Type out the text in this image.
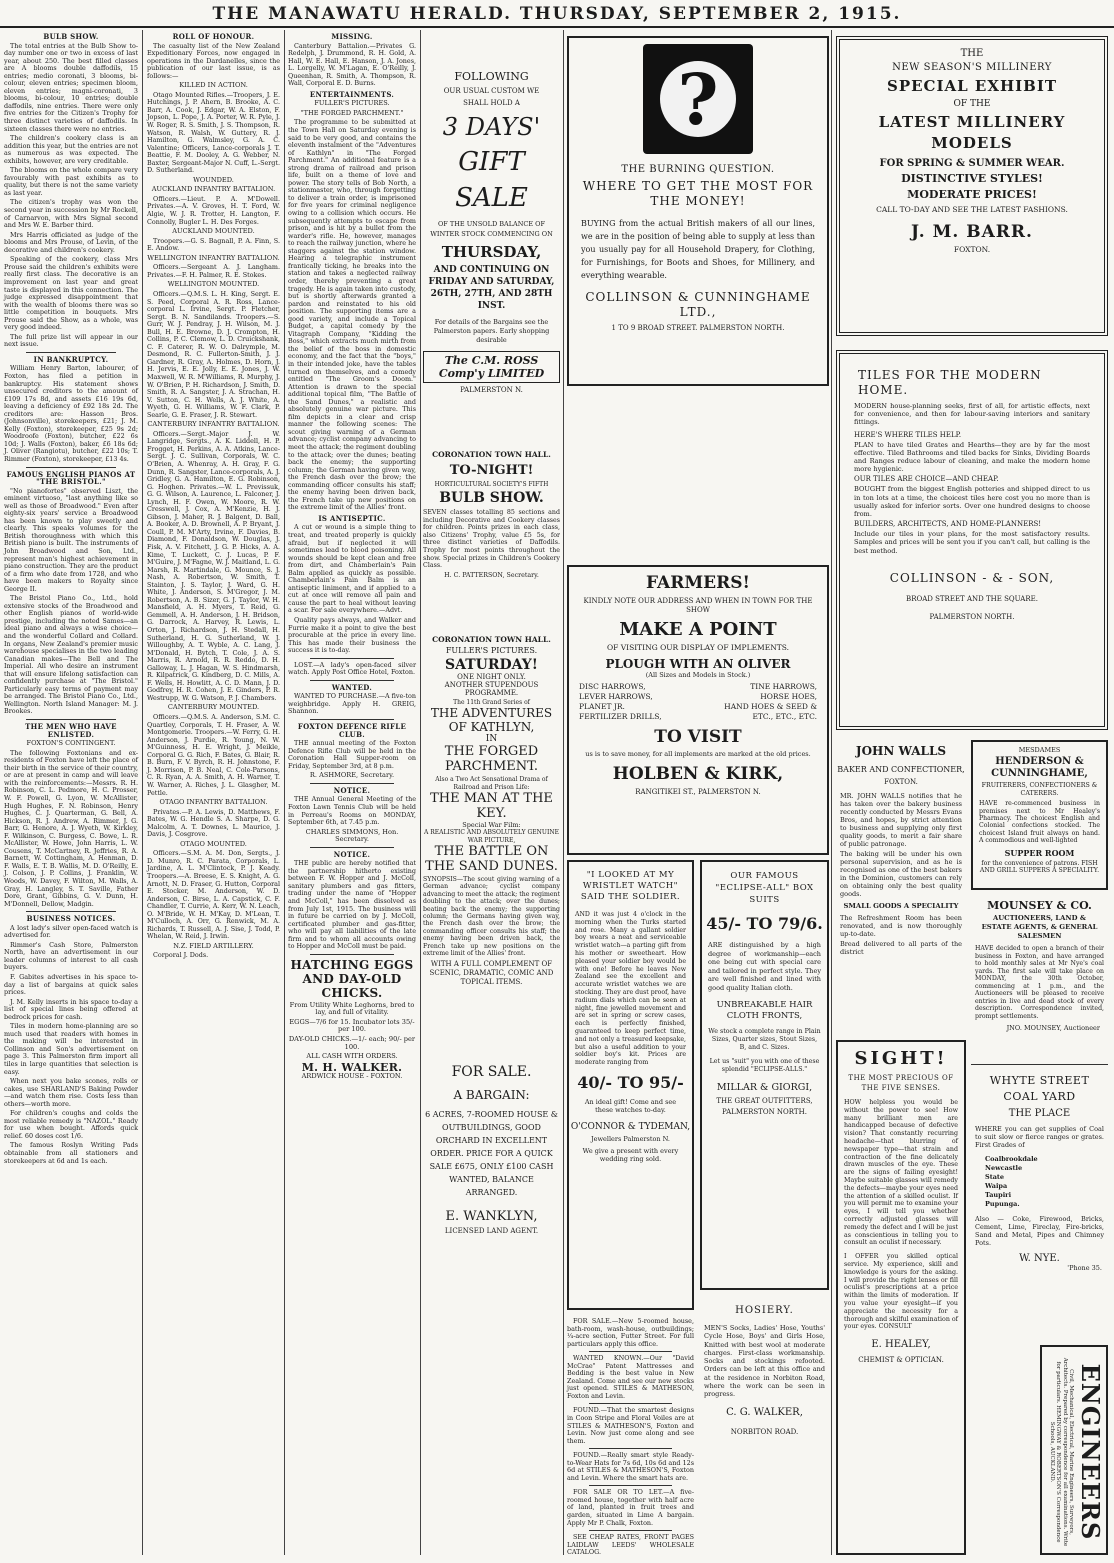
THE MANAWATU HERALD. THURSDAY, SEPTEMBER 2, 1915.
BULB SHOW.

The total entries at the Bulb Show to-day number one or two in excess of last year, about 250. The best filled classes are A blooms double daffodils, 15 entries; medio coronati, 3 blooms, bi-colour, eleven entries; specimen bloom, eleven entries; magni-coronati, 3 blooms, bi-colour, 10 entries; double daffodils, nine entries. There were only five entries for the Citizen's Trophy for three distinct varieties of daffodils. In sixteen classes there were no entries.

The children's cookery class is an addition this year, but the entries are not as numerous as was expected. The exhibits, however, are very creditable.

The blooms on the whole compare very favourably with past exhibits as to quality, but there is not the same variety as last year.

The citizen's trophy was won the second year in succession by Mr Rockell, of Carnarvon, with Mrs Signal second and Mrs W. E. Barber third.

Mrs Harris officiated as judge of the blooms and Mrs Prouse, of Levin, of the decorative and children's cookery.

Speaking of the cookery, class Mrs Prouse said the children's exhibits were really first class. The decorative is an improvement on last year and great taste is displayed in this connection. The judge expressed disappointment that with the wealth of blooms there was so little competition in bouquets. Mrs Prouse said the Show, as a whole, was very good indeed.

The full prize list will appear in our next issue.

IN BANKRUPTCY.

William Henry Barton, labourer, of Foxton, has filed a petition in bankruptcy. His statement shows unsecured creditors to the amount of £109 17s 8d, and assets £16 19s 6d, leaving a deficiency of £92 18s 2d. The creditors are: Hasson Bros. (Johnsonville), storekeepers, £21; J. M. Kelly (Foxton), storekeeper, £25 9s 2d; Woodroofe (Foxton), butcher, £22 6s 10d; J. Walls (Foxton), baker, £6 18s 6d; J. Oliver (Rangiotu), butcher, £22 10s; T. Rimmer (Foxton), storekeeper, £13 4s.

FAMOUS ENGLISH PIANOS AT "THE BRISTOL."

"No pianofortes" observed Liszt, the eminent virtuoso, "last anything like so well as those of Broadwood." Even after eighty-six years' service a Broadwood has been known to play sweetly and clearly. This speaks volumes for the British thoroughness with which this British piano is built. The instruments of John Broadwood and Son, Ltd., represent man's highest achievement in piano construction. They are the product of a firm who date from 1728, and who have been makers to Royalty since George II.

The Bristol Piano Co., Ltd., hold extensive stocks of the Broadwood and other English pianos of world-wide prestige, including the noted Sames—an ideal piano and always a wise choice—and the wonderful Collard and Collard. In organs, New Zealand's premier music warehouse specialises in the two leading Canadian makes—The Bell and The Imperial. All who desire an instrument that will ensure lifelong satisfaction can confidently purchase at "The Bristol." Particularly easy terms of payment may be arranged. The Bristol Piano Co., Ltd., Wellington. North Island Manager: M. J. Brookes.

THE MEN WHO HAVE ENLISTED.
FOXTON'S CONTINGENT.

The following Foxtonians and ex-residents of Foxton have left the place of their birth in the service of their country, or are at present in camp and will leave with the reinforcements:—Messrs. R. H. Robinson, C. L. Pedmore, H. C. Prosser, W. F. Powell, G. Lyon, W. McAllister, Hugh Hughes, F. N. Robinson, Henry Hughes, C. J. Quarterman, G. Bell, A. Hickson, R. J. Andrew, A. Rimmer, J. G. Barr, G. Henore, A. J. Wyeth, W. Kirkley, F. Wilkinson, C. Burgess, C. Bowe, L. R. McAllister, W. Howe, John Harris, L. W. Cousens, T. McCartney, R. Jeffries, R. A. Barnett, W. Cottingham, A. Henman, D. F. Walls, E. T. B. Wallis, M. D. O'Reilly, E. J. Colson, J. P. Collins, J. Franklin, W. Woods, W. Davey, F. Wilton, M. Walls, A. Gray, H. Langley, S. T. Saville, Father Dore, Grant, Gibbins, G. V. Dunn, H. M'Donnell, Dellow, Madgin.

BUSINESS NOTICES.

A lost lady's silver open-faced watch is advertised for.

Rimmer's Cash Store, Palmerston North, have an advertisement in our leader columns of interest to all cash buyers.

F. Gabites advertises in his space to-day a list of bargains at quick sales prices.

J. M. Kelly inserts in his space to-day a list of special lines being offered at bedrock prices for cash.

Tiles in modern home-planning are so much used that readers with homes in the making will be interested in Collinson and Son's advertisement on page 3. This Palmerston firm import all tiles in large quantities that selection is easy.

When next you bake scones, rolls or cakes, use SHARLAND'S Baking Powder—and watch them rise. Costs less than others—worth more.

For children's coughs and colds the most reliable remedy is "NAZOL." Ready for use when bought. Affords quick relief. 60 doses cost 1/6.

The famous Roslyn Writing Pads obtainable from all stationers and storekeepers at 6d and 1s each.

ROLL OF HONOUR.

The casualty list of the New Zealand Expeditionary Forces, now engaged in operations in the Dardanelles, since the publication of our last issue, is as follows:—

KILLED IN ACTION.

Otago Mounted Rifles.—Troopers, J. E. Hutchings, J. P. Ahern, B. Brooke, A. C. Barr, A. Cook, J. Edgar, W. A. Elston, F. Jopson, L. Pope, J. A. Porter, W. R. Pyle, J. W. Roger, R. S. Smith, J. S. Thompson, R. Watson, R. Walsh, W. Guttery, R. J. Hamilton, G. Walmsley, G. A. C. Valentine; Officers, Lance-corporals J. T. Beattie, F. M. Dooley, A. G. Webber, N. Baxter, Sergeant-Major N. Cuff, L.-Sergt. D. Sutherland.

WOUNDED.
AUCKLAND INFANTRY BATTALION.

Officers.—Lieut. P. A. M'Dowell. Privates.—A. V. Groves, H. T. Ford, W. Algie, W. J. R. Trotter, H. Langton, F. Connolly, Bugler L. H. Des Forges.

AUCKLAND MOUNTED.

Troopers.—G. S. Bagnall, P. A. Finn, S. E. Andow.

WELLINGTON INFANTRY BATTALION.

Officers.—Sergeant A. J. Langham. Privates.—F. H. Palmer, R. E. Stokes.

WELLINGTON MOUNTED.

Officers.—Q.M.S. L. H. King, Sergt. E. S. Peed, Corporal A. R. Ross, Lance-corporal L. Irvine, Sergt. P. Fletcher, Sergt. B. N. Sandilands. Troopers.—S. Gurr, W. J. Pendray, J. H. Wilson, M. J. Bull, H. E. Browne, D. J. Crompton, H. Collins, P. C. Clemow, L. D. Cruickshank, C. F. Caterer, R. W. O. Dalrymple, M. Desmond, R. C. Fullerton-Smith, J. J. Gardner, R. Gray, A. Holmes, D. Horn, J. H. Jervis, E. E. Jolly, E. E. Jones, J. W. Maxwell, W. R. M'Williams, R. Murphy, J. W. O'Brien, P. H. Richardson, J. Smith, D. Smith, R. A. Sangster, J. A. Strachan, H. V. Sutton, C. H. Wells, A. J. White, A. Wyeth, G. H. Williams, W. F. Clark, P. Searle, G. E. Fraser, J. R. Stewart.

CANTERBURY INFANTRY BATTALION.

Officers.—Sergt.-Major J. W. Langridge, Sergts., A. K. Liddell, H. P. Frogget, H. Perkins, A. A. Atkins, Lance-Sergt. J. C. Sullivan, Corporals, W. C. O'Brien, A. Whenray, A. H. Gray, F. G. Dunn, R. Sangster, Lance-corporals, A. J. Gridley, G. A. Hamilton, E. G. Robinson, G. Hoghen. Privates.—W. L. Previssuk, G. G. Wilson, A. Laurence, L. Falconer, J. Lynch, H. F. Owen, W. Moore, R. W. Cresswell, J. Cox, A. M'Kenzie, H. J. Gibson, J. Maher, R. J. Balgent, D. Ball, A. Booker, A. D. Brownell, A. P. Bryant, J. Coull, P. M. M'Arty, Irvine, F. Davies, B. Diamond, F. Donaldson, W. Douglas, J. Fisk, A. V. Fitchett, J. G. P. Hicks, A. A. Kime, T. Luckett, C. J. Lucas, P. F. M'Guire, J. M'Fagne, W. J. Maitland, L. G. Marsh, R. Martindale, G. Mounce, S. J. Nash, A. Robertson, W. Smith, T. Stainton, J. S. Taylor, J. Ward, G. H. White, J. Anderson, S. M'Gregor, J. M. Robertson, A. B. Sizer, G. J. Taylor, W. H. Mansfield, A. H. Myers, T. Reid, G. Gemmell, A. H. Anderson, J. H. Bridson, G. Darrock, A. Harvey, R. Lewis, L. Orton, J. Richardson, J. H. Stedall, H. Sutherland, H. G. Sutherland, W. J. Willoughby, A. T. Wyble, A. C. Lang, J. M'Donald, H. Bytch, T. Cole, J. A. S. Marris, R. Arnold, R. R. Reddo, D. H. Galloway, L. J. Hagan, W. S. Hindmarsh, R. Kilpatrick, G. Kindberg, D. C. Mills, A. F. Wells, H. Howlitt, A. C. D. Mann, J. D. Godfrey, H. R. Cohen, J. E. Ginders, P. R. Westrupp, W. G. Watson, P. J. Chambers.

CANTERBURY MOUNTED.

Officers.—Q.M.S. A. Anderson, S.M. C. Quartley, Corporals, T. H. Fraser, A. W. Montgomerie. Troopers.—W. Ferry, G. H. Anderson, J. Purdie, R. Young, N. W. M'Guinness, H. E. Wright, J. Meikle, Corporal G. G. Rich, F. Bates, G. Blair, R. B. Burn, F. V. Byrch, R. H. Johnstone, F. J. Morrison, P. B. Neal, C. Cole-Parsons, C. R. Ryan, A. A. Smith, A. H. Warner, T. W. Warner, A. Riches, J. L. Glasgher, M. Pettle.

OTAGO INFANTRY BATTALION.

Privates.—P. A. Lewis, D. Matthews, F. Bates, W. G. Hendle S. A. Sharpe, D. G. Malcolm, A. T. Downes, L. Maurice, J. Davis, J. Cosgrove.

OTAGO MOUNTED.

Officers.—S.M. A. M. Don, Sergts., J. D. Munro, R. C. Parata, Corporals, L. Jardine, A. L. M'Clintock, P. J. Keady. Troopers.—A. Breese, E. S. Knight, A. G. Arnott, N. D. Fraser, G. Hutton, Corporal E. Stocker, M. Anderson, W. D. Anderson, C. Birse, L. A. Capstick, C. F. Chandler, T. Currie, A. Kerr, W. N. Leach, O. M'Bride, W. H. M'Kay, D. M'Lean, T. M'Culloch, A. Orr, G. Renwick, M. A. Richards, T. Russell, A. J. Sise, J. Todd, P. Whelan, W. Reid, J. Irwin.

N.Z. FIELD ARTILLERY.

Corporal J. Dods.

MISSING.

Canterbury Battalion.—Privates G. Redelph, J. Drummond, R. H. Gold, A. Hall, W. E. Hall, E. Hanson, J. A. Jones, L. Lorgelly, W. M'Lagan, E. O'Reilly, J. Queenhan, R. Smith, A. Thompson, R. Wall, Corporal E. D. Burns.

ENTERTAINMENTS.
FULLER'S PICTURES.
"THE FORGED PARCHMENT."

The programme to be submitted at the Town Hall on Saturday evening is said to be very good, and contains the eleventh instalment of the "Adventures of Kathlyn" in "The Forged Parchment." An additional feature is a strong drama of railroad and prison life, built on a theme of love and power. The story tells of Bob North, a stationmaster, who, through forgetting to deliver a train order, is imprisoned for five years for criminal negligence owing to a collision which occurs. He subsequently attempts to escape from prison, and is hit by a bullet from the warder's rifle. He, however, manages to reach the railway junction, where he staggers against the station window. Hearing a telegraphic instrument frantically ticking, he breaks into the station and takes a neglected railway order, thereby preventing a great tragedy. He is again taken into custody, but is shortly afterwards granted a pardon and reinstated to his old position. The supporting items are a good variety, and include a Topical Budget, a capital comedy by the Vitagraph Company, "Kidding the Boss," which extracts much mirth from the belief of the boss in domestic economy, and the fact that the "boys," in their intended joke, have the tables turned on themselves, and a comedy entitled "The Groom's Doom." Attention is drawn to the special additional topical film, "The Battle of the Sand Dunes," a realistic and absolutely genuine war picture. This film depicts in a clear and crisp manner the following scenes: The scout giving warning of a German advance; cyclist company advancing to meet the attack; the regiment doubling to the attack; over the dunes; beating back the enemy; the supporting column; the German having given way, the French dash over the brow; the commanding officer consults his staff; the enemy having been driven back, the French take up new positions on the extreme limit of the Allies' front.

IS ANTISEPTIC.

A cut or wound is a simple thing to treat, and treated properly is quickly afraid, but if neglected it will sometimes lead to blood poisoning. All wounds should be kept clean and free from dirt, and Chamberlain's Pain Balm applied as quickly as possible. Chamberlain's Pain Balm is an antiseptic liniment, and if applied to a cut at once will remove all pain and cause the part to heal without leaving a scar. For sale everywhere.—Advt.

Quality pays always, and Walker and Furrie make it a point to give the best procurable at the price in every line. This has made their business the success it is to-day.

LOST.—A lady's open-faced silver watch. Apply Post Office Hotel, Foxton.

WANTED.

WANTED TO PURCHASE.—A five-ton weighbridge. Apply H. GREIG, Shannon.

FOXTON DEFENCE RIFLE CLUB.

THE annual meeting of the Foxton Defence Rifle Club will be held in the Coronation Hall Supper-room on Friday, September 3rd, at 8 p.m.

R. ASHMORE, Secretary.
NOTICE.

THE Annual General Meeting of the Foxton Lawn Tennis Club will be held in Perreau's Rooms on MONDAY, September 6th, at 7.45 p.m.

CHARLES SIMMONS, Hon. Secretary.
NOTICE.

THE public are hereby notified that the partnership hitherto existing between F. W. Hopper and J. McColl, sanitary plumbers and gas fitters, trading under the name of "Hopper and McColl," has been dissolved as from July 1st, 1915. The business will in future be carried on by J. McColl, certificated plumber and gas-fitter, who will pay all liabilities of the late firm and to whom all accounts owing to Hopper and McColl must be paid.

HATCHING EGGS AND DAY-OLD CHICKS.
From Utility White Leghorns, bred to lay, and full of vitality.
EGGS—7/6 for 15. Incubator lots 35/- per 100.
DAY-OLD CHICKS.—1/- each; 90/- per 100.
ALL CASH WITH ORDERS.
M. H. WALKER.
ARDWICK HOUSE - FOXTON.
FOLLOWING
OUR USUAL CUSTOM WE
SHALL HOLD A
3 DAYS'
GIFT
SALE
OF THE UNSOLD BALANCE OF WINTER STOCK COMMENCING ON
THURSDAY,
AND CONTINUING ON FRIDAY AND SATURDAY, 26TH, 27TH, AND 28TH INST.
For details of the Bargains see the Palmerston papers. Early shopping desirable
The C.M. ROSS Comp'y LIMITED
PALMERSTON N.
CORONATION TOWN HALL.
TO-NIGHT!
HORTICULTURAL SOCIETY'S FIFTH
BULB SHOW.
SEVEN classes totalling 85 sections and including Decorative and Cookery classes for children. Points prizes in each class, also Citizens' Trophy, value £5 5s, for three distinct varieties of Daffodils. Trophy for most points throughout the show. Special prizes in Children's Cookery Class.
H. C. PATTERSON, Secretary.
CORONATION TOWN HALL.
FULLER'S PICTURES.
SATURDAY!
ONE NIGHT ONLY.
ANOTHER STUPENDOUS PROGRAMME.
The 11th Grand Series of
THE ADVENTURES OF KATHLYN,
IN
THE FORGED PARCHMENT.
Also a Two Act Sensational Drama of Railroad and Prison Life:
THE MAN AT THE KEY.
Special War Film:
A REALISTIC AND ABSOLUTELY GENUINE WAR PICTURE,
THE BATTLE ON THE SAND DUNES.
SYNOPSIS—The scout giving warning of a German advance; cyclist company advancing to meet the attack; the regiment doubling to the attack; over the dunes; beating back the enemy; the supporting column; the Germans having given way, the French dash over the brow; the commanding officer consults his staff; the enemy having been driven back, the French take up new positions on the extreme limit of the Allies' front.
WITH A FULL COMPLEMENT OF SCENIC, DRAMATIC, COMIC AND TOPICAL ITEMS.
FOR SALE.
A BARGAIN:
6 ACRES, 7-ROOMED HOUSE & OUTBUILDINGS, GOOD ORCHARD IN EXCELLENT ORDER. PRICE FOR A QUICK SALE £675, ONLY £100 CASH WANTED, BALANCE ARRANGED.
E. WANKLYN,
LICENSED LAND AGENT.
?
THE BURNING QUESTION.
WHERE TO GET THE MOST FOR THE MONEY!
BUYING from the actual British makers of all our lines, we are in the position of being able to supply at less than you usually pay for all Household Drapery, for Clothing, for Furnishings, for Boots and Shoes, for Millinery, and everything wearable.
COLLINSON & CUNNINGHAME LTD.,
1 TO 9 BROAD STREET. PALMERSTON NORTH.
FARMERS!
KINDLY NOTE OUR ADDRESS AND WHEN IN TOWN FOR THE SHOW
MAKE A POINT
OF VISITING OUR DISPLAY OF IMPLEMENTS.
PLOUGH WITH AN OLIVER
(All Sizes and Models in Stock.)
DISC HARROWS,
LEVER HARROWS,
PLANET JR.
FERTILIZER DRILLS,
TINE HARROWS,
HORSE HOES,
HAND HOES & SEED &
ETC., ETC., ETC.
TO VISIT
us is to save money, for all implements are marked at the old prices.
HOLBEN & KIRK,
RANGITIKEI ST., PALMERSTON N.
"I LOOKED AT MY WRISTLET WATCH" SAID THE SOLDIER.
AND it was just 4 o'clock in the morning when the Turks started and rose. Many a gallant soldier boy wears a neat and serviceable wristlet watch—a parting gift from his mother or sweetheart. How pleased your soldier boy would be with one! Before he leaves New Zealand see the excellent and accurate wristlet watches we are stocking. They are dust proof, have radium dials which can be seen at night, fine jewelled movement and are set in spring or screw cases, each is perfectly finished, guaranteed to keep perfect time, and not only a treasured keepsake, but also a useful addition to your soldier boy's kit. Prices are moderate ranging from
40/- TO 95/-
An ideal gift! Come and see these watches to-day.
O'CONNOR & TYDEMAN,
Jewellers Palmerston N.
We give a present with every wedding ring sold.

FOR SALE.—New 5-roomed house, bath-room, wash-house, outbuildings; ¼-acre section, Futter Street. For full particulars apply this office.

WANTED KNOWN.—Our "David McCrae" Patent Mattresses and Bedding is the best value in New Zealand. Come and see our new stocks just opened. STILES & MATHESON, Foxton and Levin.

FOUND.—That the smartest designs in Coon Stripe and Floral Voiles are at STILES & MATHESON'S, Foxton and Levin. Now just come along and see them.

FOUND.—Really smart style Ready-to-Wear Hats for 7s 6d, 10s 6d and 12s 6d at STILES & MATHESON'S, Foxton and Levin. Where the smart hats are.

FOR SALE OR TO LET.—A five-roomed house, together with half acre of land, planted in fruit trees and garden, situated in Lime A bargain. Apply Mr P. Chalk, Foxton.

SEE CHEAP RATES, FRONT PAGES LAIDLAW LEEDS' WHOLESALE CATALOG.

OUR FAMOUS "ECLIPSE-ALL" BOX SUITS
45/- TO 79/6.
ARE distinguished by a high degree of workmanship—each one being cut with special care and tailored in perfect style. They are well finished and lined with good quality Italian cloth.
UNBREAKABLE HAIR CLOTH FRONTS,
We stock a complete range in Plain Sizes, Quarter sizes, Stout Sizes, B, and C. Sizes.
Let us "suit" you with one of these splendid "ECLIPSE-ALLS."
MILLAR & GIORGI,
THE GREAT OUTFITTERS,
PALMERSTON NORTH.
HOSIERY.
MEN'S Socks, Ladies' Hose, Youths' Cycle Hose, Boys' and Girls Hose, Knitted with best wool at moderate charges. First-class workmanship. Socks and stockings refooted. Orders can be left at this office and at the residence in Norbiton Road, where the work can be seen in progress.
C. G. WALKER,
NORBITON ROAD.
THE
NEW SEASON'S MILLINERY
SPECIAL EXHIBIT
OF THE
LATEST MILLINERY
MODELS
FOR SPRING & SUMMER WEAR.
DISTINCTIVE STYLES!
MODERATE PRICES!
CALL TO-DAY AND SEE THE LATEST FASHIONS.
J. M. BARR.
FOXTON.
TILES FOR THE MODERN HOME.
MODERN house-planning seeks, first of all, for artistic effects, next for convenience, and then for labour-saving interiors and sanitary fittings.
HERE'S WHERE TILES HELP.
PLAN to have tiled Grates and Hearths—they are by far the most effective. Tiled Bathrooms and tiled backs for Sinks, Dividing Boards and Ranges reduce labour of cleaning, and make the modern home more hygienic.
OUR TILES ARE CHOICE—AND CHEAP.
BOUGHT from the biggest English potteries and shipped direct to us in ton lots at a time, the choicest tiles here cost you no more than is usually asked for inferior sorts. Over one hundred designs to choose from.
BUILDERS, ARCHITECTS, AND HOME-PLANNERS!
Include our tiles in your plans, for the most satisfactory results. Samples and prices will be sent you if you can't call, but calling is the best method.
COLLINSON - & - SON,
BROAD STREET AND THE SQUARE.
PALMERSTON NORTH.
JOHN WALLS
BAKER AND CONFECTIONER,
FOXTON.
MR. JOHN WALLS notifies that he has taken over the bakery business recently conducted by Messrs Evans Bros, and hopes, by strict attention to business and supplying only first quality goods, to merit a fair share of public patronage.
The baking will be under his own personal supervision, and as he is recognised as one of the best bakers in the Dominion, customers can rely on obtaining only the best quality goods.
SMALL GOODS A SPECIALITY
The Refreshment Room has been renovated, and is now thoroughly up-to-date.
Bread delivered to all parts of the district
SIGHT!
THE MOST PRECIOUS OF THE FIVE SENSES.
HOW helpless you would be without the power to see! How many brilliant men are handicapped because of defective vision? That constantly recurring headache—that blurring of newspaper type—that strain and contraction of the fine delicately drawn muscles of the eye. These are the signs of failing eyesight! Maybe suitable glasses will remedy the defects—maybe your eyes need the attention of a skilled oculist. If you will permit me to examine your eyes, I will tell you whether correctly adjusted glasses will remedy the defect and I will be just as conscientious in telling you to consult an oculist if necessary.
I OFFER you skilled optical service. My experience, skill and knowledge is yours for the asking. I will provide the right lenses or fill oculist's prescriptions at a price within the limits of moderation. If you value your eyesight—if you appreciate the necessity for a thorough and skilful examination of your eyes. CONSULT
E. HEALEY,
CHEMIST & OPTICIAN.
MESDAMES
HENDERSON & CUNNINGHAME,
FRUITERERS, CONFECTIONERS & CATERERS.
HAVE re-commenced business in premises next to Mr Healey's Pharmacy. The choicest English and Colonial confections stocked. The choicest Island fruit always on hand. A commodious and well-lighted
SUPPER ROOM
for the convenience of patrons. FISH AND GRILL SUPPERS A SPECIALITY.
MOUNSEY & CO.
AUCTIONEERS, LAND & ESTATE AGENTS, & GENERAL SALESMEN
HAVE decided to open a branch of their business in Foxton, and have arranged to hold monthly sales at Mr Nye's coal yards. The first sale will take place on MONDAY, the 30th October, commencing at 1 p.m., and the Auctioneers will be pleased to receive entries in live and dead stock of every description. Correspondence invited, prompt settlements.
JNO. MOUNSEY, Auctioneer
WHYTE STREET
COAL YARD
THE PLACE
WHERE you can get supplies of Coal to suit slow or fierce ranges or grates. First Grades of
Coalbrookdale
Newcastle
State
Waipa
Taupiri
Pupunga.
Also — Coke, Firewood, Bricks, Cement, Lime, Fireclay, Fire-bricks, Sand and Metal, Pipes and Chimney Pots.
W. NYE.
'Phone 35.
ENGINEERS
Civil, Mechanical, Electrical, Marine Engineers, Surveyors, Architects. Prepared by correspondence for all examinations. Write for particulars. HEMINGWAY & ROBERTSON'S Correspondence Schools, AUCKLAND.
